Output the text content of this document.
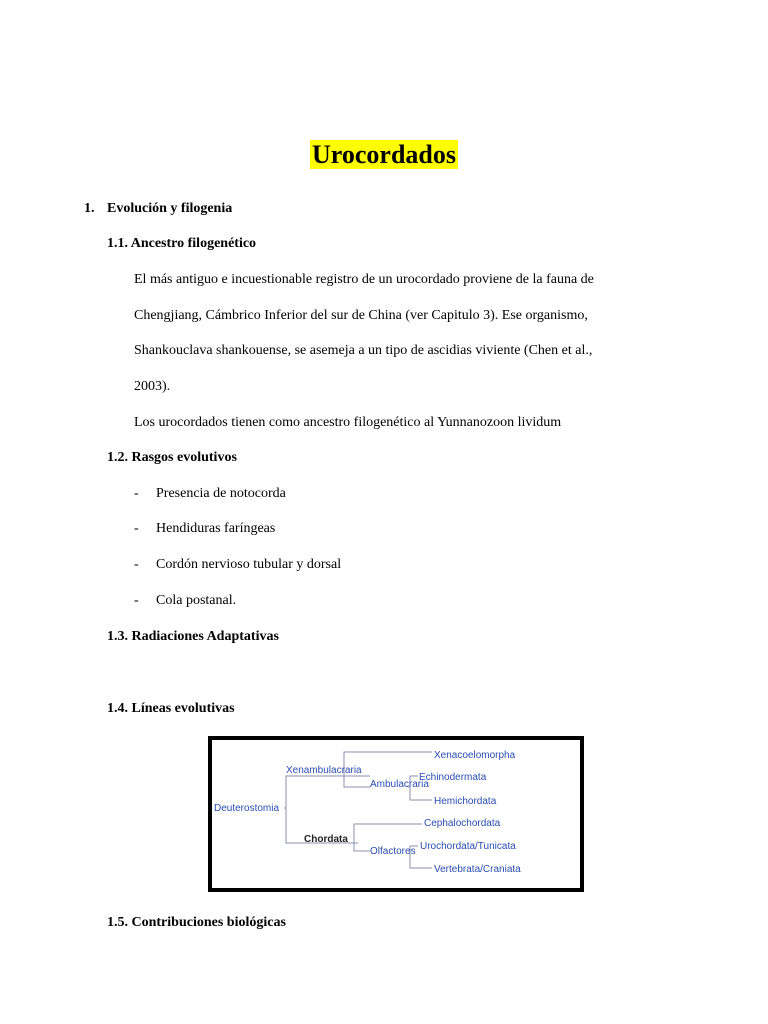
Urocordados
1. Evolución y filogenia
1.1. Ancestro filogenético
El más antiguo e incuestionable registro de un urocordado proviene de la fauna de
Chengjiang, Cámbrico Inferior del sur de China (ver Capitulo 3). Ese organismo,
Shankouclava shankouense, se asemeja a un tipo de ascidias viviente (Chen et al.,
2003).
Los urocordados tienen como ancestro filogenético al Yunnanozoon lividum
1.2. Rasgos evolutivos
- Presencia de notocorda
- Hendiduras faríngeas
- Cordón nervioso tubular y dorsal
- Cola postanal.
1.3. Radiaciones Adaptativas
1.4. Líneas evolutivas
Deuterostomia
Xenambulacraria
Xenacoelomorpha
Ambulacraria
Echinodermata
Hemichordata
Chordata
Cephalochordata
Olfactores Urochordata/Tunicata
Vertebrata/Craniata
1.5. Contribuciones biológicas
